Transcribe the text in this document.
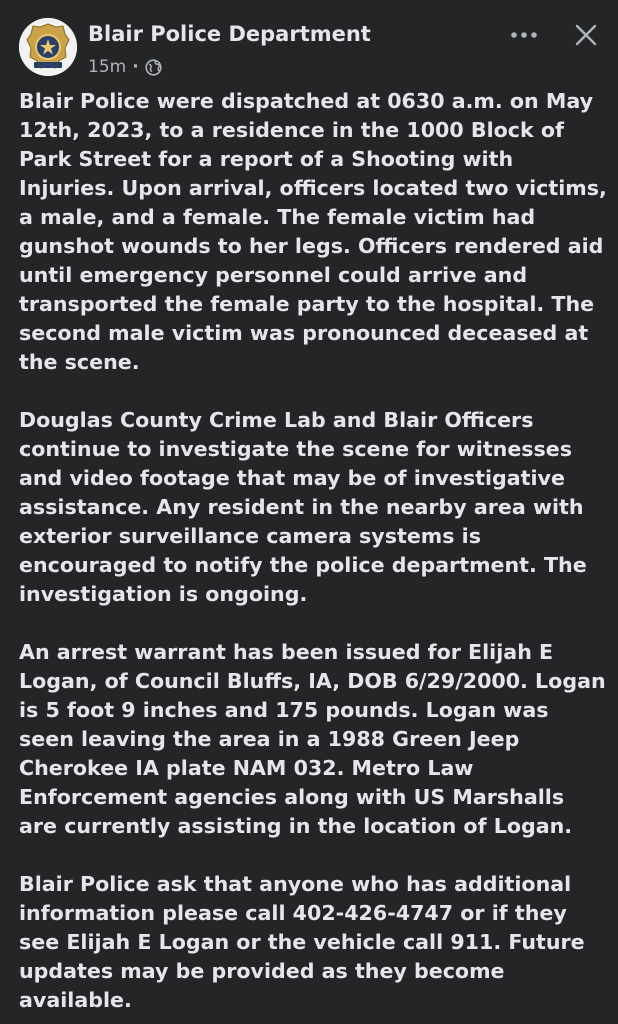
Blair Police Department
15m ·

Blair Police were dispatched at 0630 a.m. on May 12th, 2023, to a residence in the 1000 Block of Park Street for a report of a Shooting with Injuries. Upon arrival, officers located two victims, a male, and a female. The female victim had gunshot wounds to her legs. Officers rendered aid until emergency personnel could arrive and transported the female party to the hospital. The second male victim was pronounced deceased at the scene.

Douglas County Crime Lab and Blair Officers continue to investigate the scene for witnesses and video footage that may be of investigative assistance. Any resident in the nearby area with exterior surveillance camera systems is encouraged to notify the police department. The investigation is ongoing.

An arrest warrant has been issued for Elijah E Logan, of Council Bluffs, IA, DOB 6/29/2000. Logan is 5 foot 9 inches and 175 pounds. Logan was seen leaving the area in a 1988 Green Jeep Cherokee IA plate NAM 032. Metro Law Enforcement agencies along with US Marshalls are currently assisting in the location of Logan.

Blair Police ask that anyone who has additional information please call 402-426-4747 or if they see Elijah E Logan or the vehicle call 911. Future updates may be provided as they become available.
